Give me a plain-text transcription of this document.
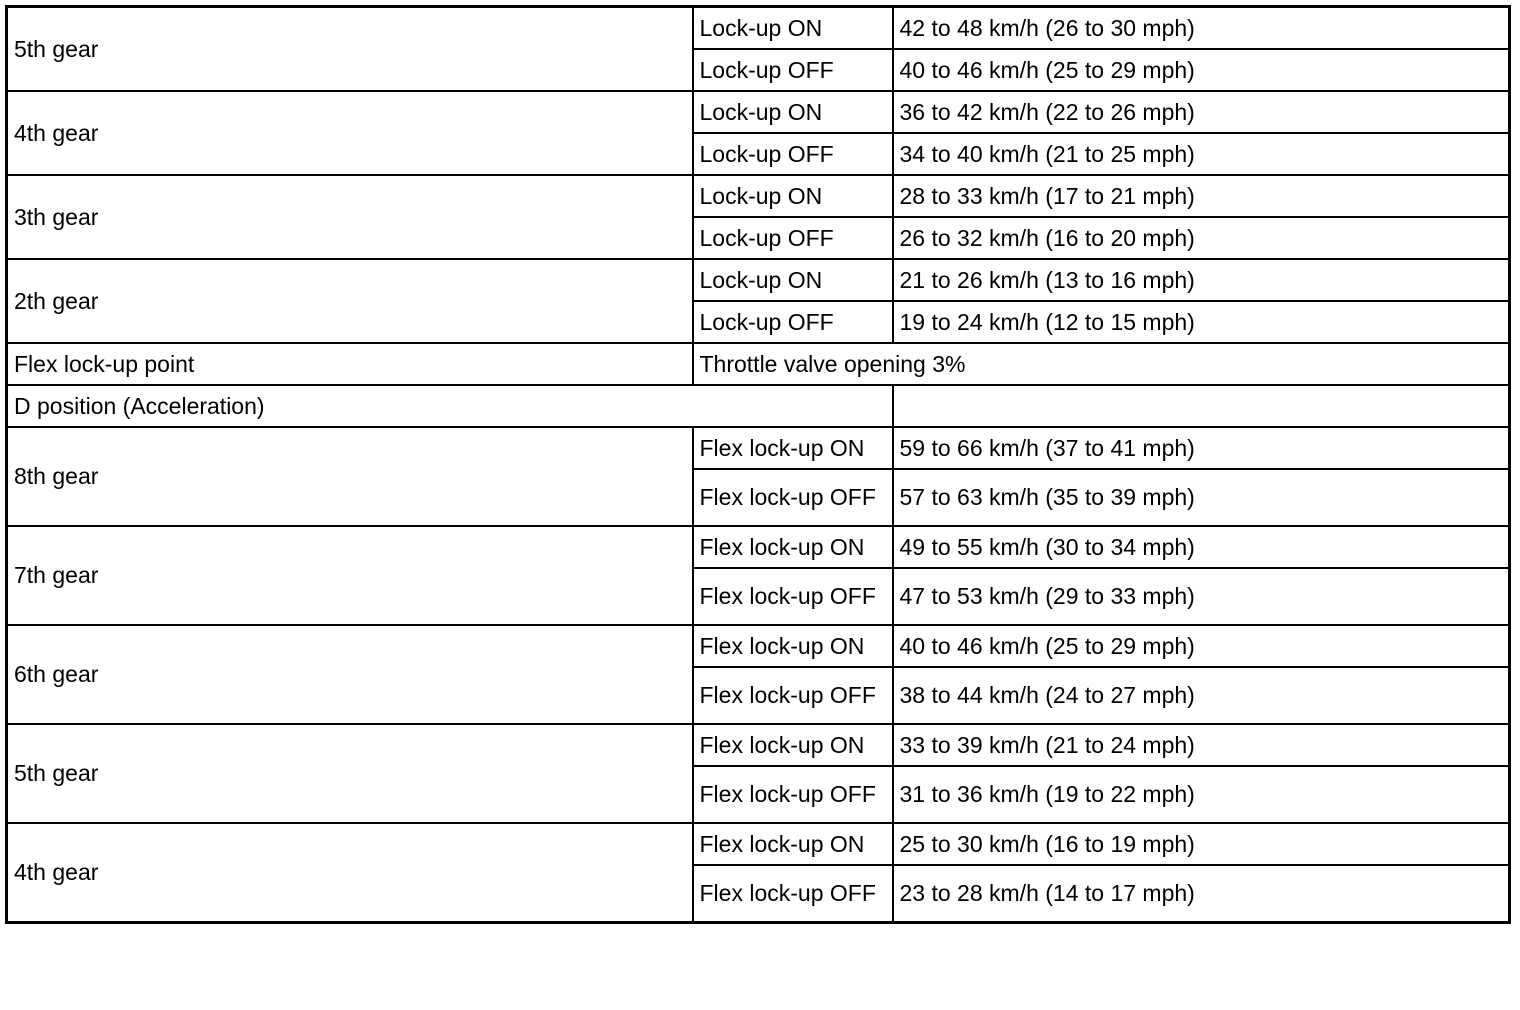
5th gear	Lock-up ON	42 to 48 km/h (26 to 30 mph)
	Lock-up OFF	40 to 46 km/h (25 to 29 mph)
4th gear	Lock-up ON	36 to 42 km/h (22 to 26 mph)
	Lock-up OFF	34 to 40 km/h (21 to 25 mph)
3th gear	Lock-up ON	28 to 33 km/h (17 to 21 mph)
	Lock-up OFF	26 to 32 km/h (16 to 20 mph)
2th gear	Lock-up ON	21 to 26 km/h (13 to 16 mph)
	Lock-up OFF	19 to 24 km/h (12 to 15 mph)
Flex lock-up point	Throttle valve opening 3%	
D position (Acceleration)		
8th gear	Flex lock-up ON	59 to 66 km/h (37 to 41 mph)
	Flex lock-up OFF	57 to 63 km/h (35 to 39 mph)
7th gear	Flex lock-up ON	49 to 55 km/h (30 to 34 mph)
	Flex lock-up OFF	47 to 53 km/h (29 to 33 mph)
6th gear	Flex lock-up ON	40 to 46 km/h (25 to 29 mph)
	Flex lock-up OFF	38 to 44 km/h (24 to 27 mph)
5th gear	Flex lock-up ON	33 to 39 km/h (21 to 24 mph)
	Flex lock-up OFF	31 to 36 km/h (19 to 22 mph)
4th gear	Flex lock-up ON	25 to 30 km/h (16 to 19 mph)
	Flex lock-up OFF	23 to 28 km/h (14 to 17 mph)
